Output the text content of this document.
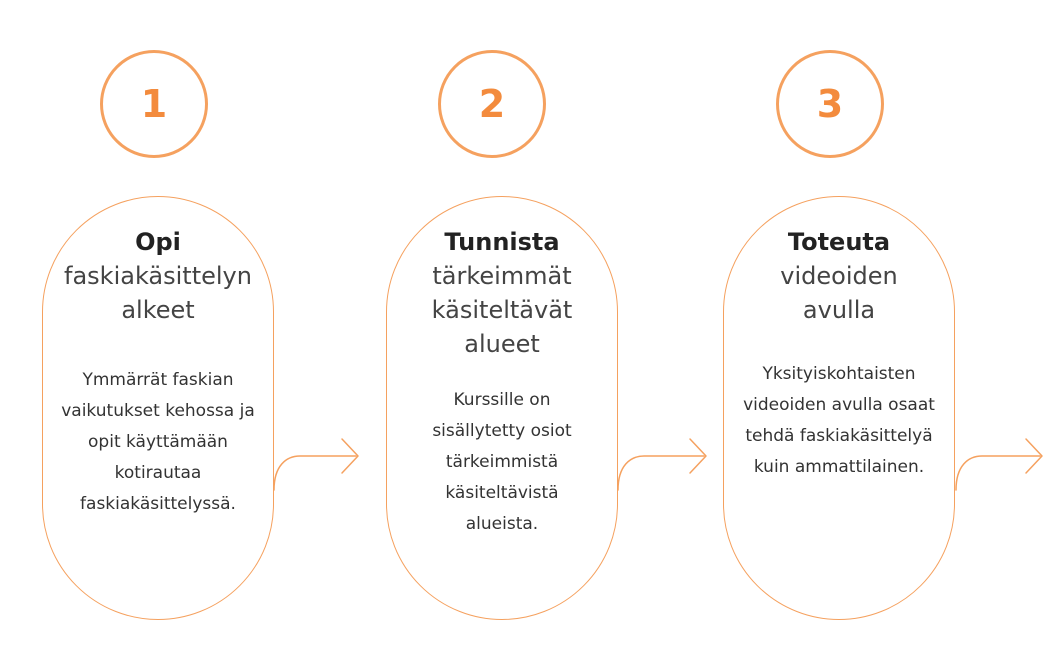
1
Opi
faskiakäsittelyn alkeet
Ymmärrät faskian vaikutukset kehossa ja opit käyttämään kotirautaa faskiakäsittelyssä.
2
Tunnista
tärkeimmät käsiteltävät alueet
Kurssille on sisällytetty osiot tärkeimmistä käsiteltävistä alueista.
3
Toteuta
videoiden avulla
Yksityiskohtaisten videoiden avulla osaat tehdä faskiakäsittelyä kuin ammattilainen.
